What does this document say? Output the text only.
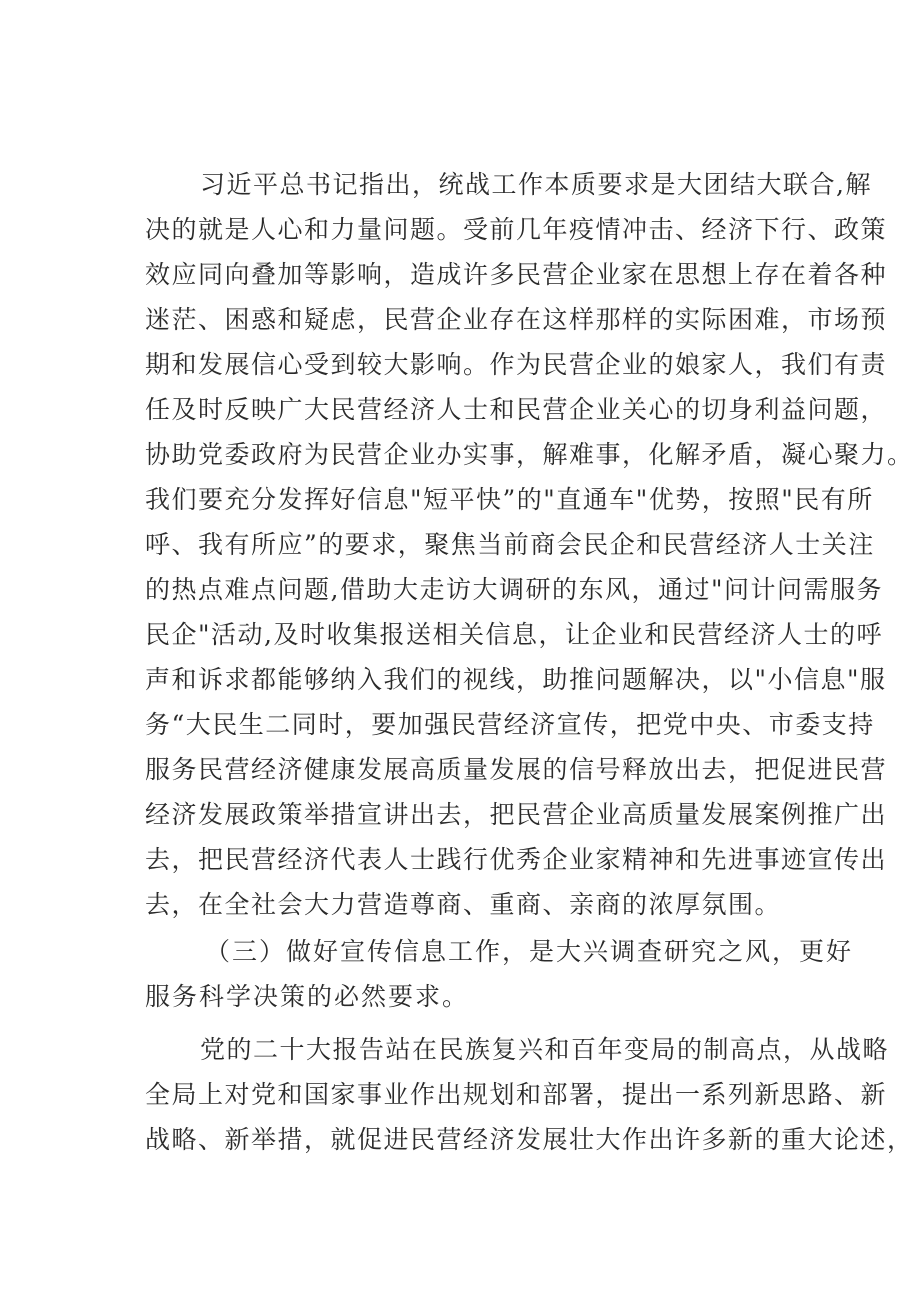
习近平总书记指出，统战工作本质要求是大团结大联合,解
决的就是人心和力量问题。受前几年疫情冲击、经济下行、政策
效应同向叠加等影响，造成许多民营企业家在思想上存在着各种
迷茫、困惑和疑虑，民营企业存在这样那样的实际困难，市场预
期和发展信心受到较大影响。作为民营企业的娘家人，我们有责
任及时反映广大民营经济人士和民营企业关心的切身利益问题，
协助党委政府为民营企业办实事，解难事，化解矛盾，凝心聚力。
我们要充分发挥好信息"短平快”的"直通车"优势，按照"民有所
呼、我有所应”的要求，聚焦当前商会民企和民营经济人士关注
的热点难点问题,借助大走访大调研的东风，通过"问计问需服务
民企"活动,及时收集报送相关信息，让企业和民营经济人士的呼
声和诉求都能够纳入我们的视线，助推问题解决，以"小信息"服
务“大民生二同时，要加强民营经济宣传，把党中央、市委支持
服务民营经济健康发展高质量发展的信号释放出去，把促进民营
经济发展政策举措宣讲出去，把民营企业高质量发展案例推广出
去，把民营经济代表人士践行优秀企业家精神和先进事迹宣传出
去，在全社会大力营造尊商、重商、亲商的浓厚氛围。
（三）做好宣传信息工作，是大兴调查研究之风，更好
服务科学决策的必然要求。
党的二十大报告站在民族复兴和百年变局的制高点，从战略
全局上对党和国家事业作出规划和部署，提出一系列新思路、新
战略、新举措，就促进民营经济发展壮大作出许多新的重大论述，
